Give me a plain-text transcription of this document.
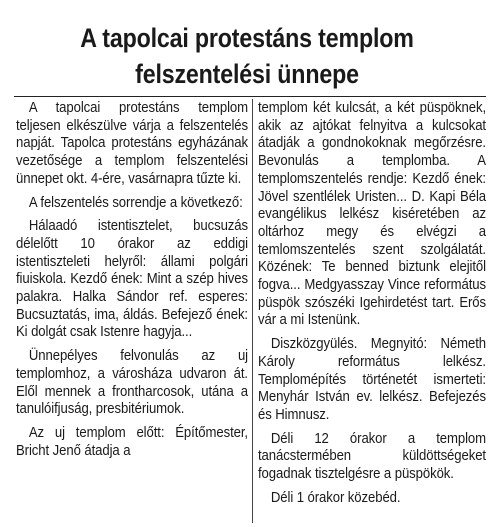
A tapolcai protestáns templom
felszentelési ünnepe

A tapolcai protestáns templom teljesen elkészülve várja a felszentelés napját. Tapolca protestáns egyházának vezetősége a templom felszentelési ünnepet okt. 4-ére, vasárnapra tűzte ki.

A felszentelés sorrendje a következő:

Hálaadó istentisztelet, bucsuzás délelőtt 10 órakor az eddigi istentiszteleti helyről: állami polgári fiuiskola. Kezdő ének: Mint a szép hives palakra. Halka Sándor ref. esperes: Bucsuztatás, ima, áldás. Befejező ének: Ki dolgát csak Istenre hagyja...

Ünnepélyes felvonulás az uj templomhoz, a városháza udvaron át. Elől mennek a frontharcosok, utána a tanulóifjuság, presbitériumok.

Az uj templom előtt: Építőmester, Bricht Jenő átadja a

templom két kulcsát, a két püspöknek, akik az ajtókat felnyitva a kulcsokat átadják a gondnokoknak megőrzésre. Bevonulás a templomba. A templomszentelés rendje: Kezdő ének: Jövel szentlélek Uristen... D. Kapi Béla evangélikus lelkész kiséretében az oltárhoz megy és elvégzi a temlomszentelés szent szolgálatát. Közének: Te benned biztunk elejitől fogva... Medgyasszay Vince református püspök szószéki Igehirdetést tart. Erős vár a mi Istenünk.

Diszközgyülés. Megnyitó: Németh Károly református lelkész. Templomépítés történetét ismerteti: Menyhár István ev. lelkész. Befejezés és Himnusz.

Déli 12 órakor a templom tanácstermében küldöttségeket fogadnak tisztelgésre a püspökök.

Déli 1 órakor közebéd.
